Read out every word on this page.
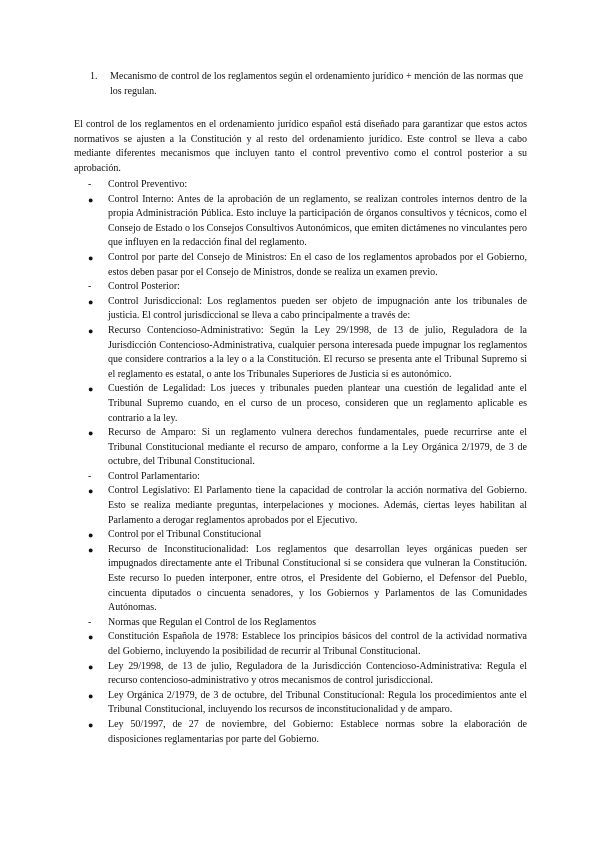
1. Mecanismo de control de los reglamentos según el ordenamiento jurídico + mención de las normas que los regulan.

El control de los reglamentos en el ordenamiento jurídico español está diseñado para garantizar que estos actos normativos se ajusten a la Constitución y al resto del ordenamiento jurídico. Este control se lleva a cabo mediante diferentes mecanismos que incluyen tanto el control preventivo como el control posterior a su aprobación.

-	Control Preventivo:
●	Control Interno: Antes de la aprobación de un reglamento, se realizan controles internos dentro de la propia Administración Pública. Esto incluye la participación de órganos consultivos y técnicos, como el Consejo de Estado o los Consejos Consultivos Autonómicos, que emiten dictámenes no vinculantes pero que influyen en la redacción final del reglamento.
●	Control por parte del Consejo de Ministros: En el caso de los reglamentos aprobados por el Gobierno, estos deben pasar por el Consejo de Ministros, donde se realiza un examen previo.
-	Control Posterior:
●	Control Jurisdiccional: Los reglamentos pueden ser objeto de impugnación ante los tribunales de justicia. El control jurisdiccional se lleva a cabo principalmente a través de:
●	Recurso Contencioso-Administrativo: Según la Ley 29/1998, de 13 de julio, Reguladora de la Jurisdicción Contencioso-Administrativa, cualquier persona interesada puede impugnar los reglamentos que considere contrarios a la ley o a la Constitución. El recurso se presenta ante el Tribunal Supremo si el reglamento es estatal, o ante los Tribunales Superiores de Justicia si es autonómico.
●	Cuestión de Legalidad: Los jueces y tribunales pueden plantear una cuestión de legalidad ante el Tribunal Supremo cuando, en el curso de un proceso, consideren que un reglamento aplicable es contrario a la ley.
●	Recurso de Amparo: Si un reglamento vulnera derechos fundamentales, puede recurrirse ante el Tribunal Constitucional mediante el recurso de amparo, conforme a la Ley Orgánica 2/1979, de 3 de octubre, del Tribunal Constitucional.
-	Control Parlamentario:
●	Control Legislativo: El Parlamento tiene la capacidad de controlar la acción normativa del Gobierno. Esto se realiza mediante preguntas, interpelaciones y mociones. Además, ciertas leyes habilitan al Parlamento a derogar reglamentos aprobados por el Ejecutivo.
●	Control por el Tribunal Constitucional
●	Recurso de Inconstitucionalidad: Los reglamentos que desarrollan leyes orgánicas pueden ser impugnados directamente ante el Tribunal Constitucional si se considera que vulneran la Constitución. Este recurso lo pueden interponer, entre otros, el Presidente del Gobierno, el Defensor del Pueblo, cincuenta diputados o cincuenta senadores, y los Gobiernos y Parlamentos de las Comunidades Autónomas.
-	Normas que Regulan el Control de los Reglamentos
●	Constitución Española de 1978: Establece los principios básicos del control de la actividad normativa del Gobierno, incluyendo la posibilidad de recurrir al Tribunal Constitucional.
●	Ley 29/1998, de 13 de julio, Reguladora de la Jurisdicción Contencioso-Administrativa: Regula el recurso contencioso-administrativo y otros mecanismos de control jurisdiccional.
●	Ley Orgánica 2/1979, de 3 de octubre, del Tribunal Constitucional: Regula los procedimientos ante el Tribunal Constitucional, incluyendo los recursos de inconstitucionalidad y de amparo.
●	Ley 50/1997, de 27 de noviembre, del Gobierno: Establece normas sobre la elaboración de disposiciones reglamentarias por parte del Gobierno.
